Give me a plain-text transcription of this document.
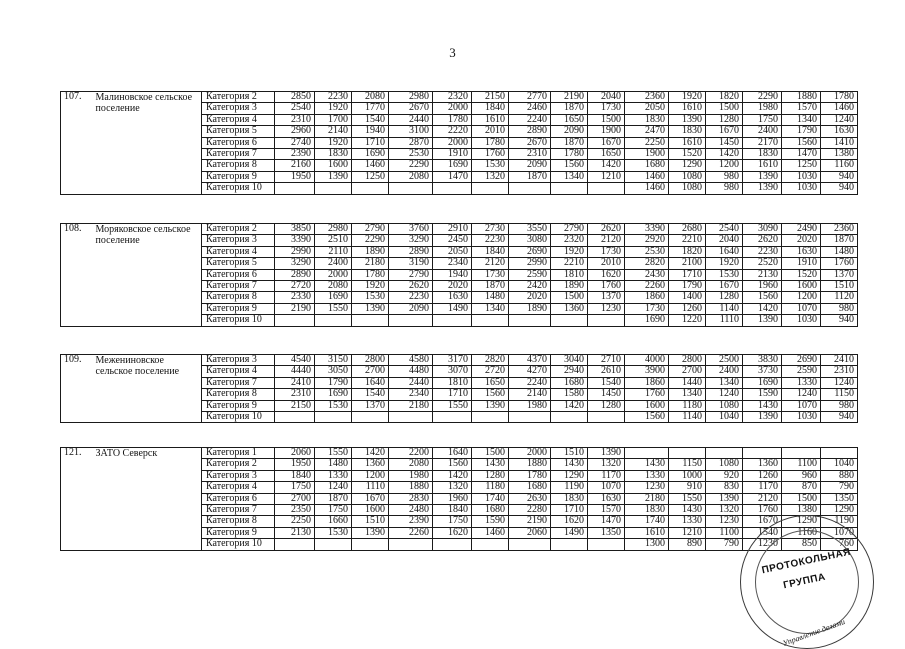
3
107.	Малиновское сельское поселение	Категория 2	2850	2230	2080	2980	2320	2150	2770	2190	2040	2360	1920	1820	2290	1880	1780
		Категория 3	2540	1920	1770	2670	2000	1840	2460	1870	1730	2050	1610	1500	1980	1570	1460
		Категория 4	2310	1700	1540	2440	1780	1610	2240	1650	1500	1830	1390	1280	1750	1340	1240
		Категория 5	2960	2140	1940	3100	2220	2010	2890	2090	1900	2470	1830	1670	2400	1790	1630
		Категория 6	2740	1920	1710	2870	2000	1780	2670	1870	1670	2250	1610	1450	2170	1560	1410
		Категория 7	2390	1830	1690	2530	1910	1760	2310	1780	1650	1900	1520	1420	1830	1470	1380
		Категория 8	2160	1600	1460	2290	1690	1530	2090	1560	1420	1680	1290	1200	1610	1250	1160
		Категория 9	1950	1390	1250	2080	1470	1320	1870	1340	1210	1460	1080	980	1390	1030	940
		Категория 10										1460	1080	980	1390	1030	940
108.	Моряковское сельское поселение	Категория 2	3850	2980	2790	3760	2910	2730	3550	2790	2620	3390	2680	2540	3090	2490	2360
		Категория 3	3390	2510	2290	3290	2450	2230	3080	2320	2120	2920	2210	2040	2620	2020	1870
		Категория 4	2990	2110	1890	2890	2050	1840	2690	1920	1730	2530	1820	1640	2230	1630	1480
		Категория 5	3290	2400	2180	3190	2340	2120	2990	2210	2010	2820	2100	1920	2520	1910	1760
		Категория 6	2890	2000	1780	2790	1940	1730	2590	1810	1620	2430	1710	1530	2130	1520	1370
		Категория 7	2720	2080	1920	2620	2020	1870	2420	1890	1760	2260	1790	1670	1960	1600	1510
		Категория 8	2330	1690	1530	2230	1630	1480	2020	1500	1370	1860	1400	1280	1560	1200	1120
		Категория 9	2190	1550	1390	2090	1490	1340	1890	1360	1230	1730	1260	1140	1420	1070	980
		Категория 10										1690	1220	1110	1390	1030	940
109.	Межениновское сельское поселение	Категория 3	4540	3150	2800	4580	3170	2820	4370	3040	2710	4000	2800	2500	3830	2690	2410
		Категория 4	4440	3050	2700	4480	3070	2720	4270	2940	2610	3900	2700	2400	3730	2590	2310
		Категория 7	2410	1790	1640	2440	1810	1650	2240	1680	1540	1860	1440	1340	1690	1330	1240
		Категория 8	2310	1690	1540	2340	1710	1560	2140	1580	1450	1760	1340	1240	1590	1240	1150
		Категория 9	2150	1530	1370	2180	1550	1390	1980	1420	1280	1600	1180	1080	1430	1070	980
		Категория 10										1560	1140	1040	1390	1030	940
121.	ЗАТО Северск	Категория 1	2060	1550	1420	2200	1640	1500	2000	1510	1390						
		Категория 2	1950	1480	1360	2080	1560	1430	1880	1430	1320	1430	1150	1080	1360	1100	1040
		Категория 3	1840	1330	1200	1980	1420	1280	1780	1290	1170	1330	1000	920	1260	960	880
		Категория 4	1750	1240	1110	1880	1320	1180	1680	1190	1070	1230	910	830	1170	870	790
		Категория 6	2700	1870	1670	2830	1960	1740	2630	1830	1630	2180	1550	1390	2120	1500	1350
		Категория 7	2350	1750	1600	2480	1840	1680	2280	1710	1570	1830	1430	1320	1760	1380	1290
		Категория 8	2250	1660	1510	2390	1750	1590	2190	1620	1470	1740	1330	1230	1670	1290	1190
		Категория 9	2130	1530	1390	2260	1620	1460	2060	1490	1350	1610	1210	1100	1540	1160	1070
		Категория 10										1300	890	790	1230	850	760
ПРОТОКОЛЬНАЯ
ГРУППА
Управление делами
